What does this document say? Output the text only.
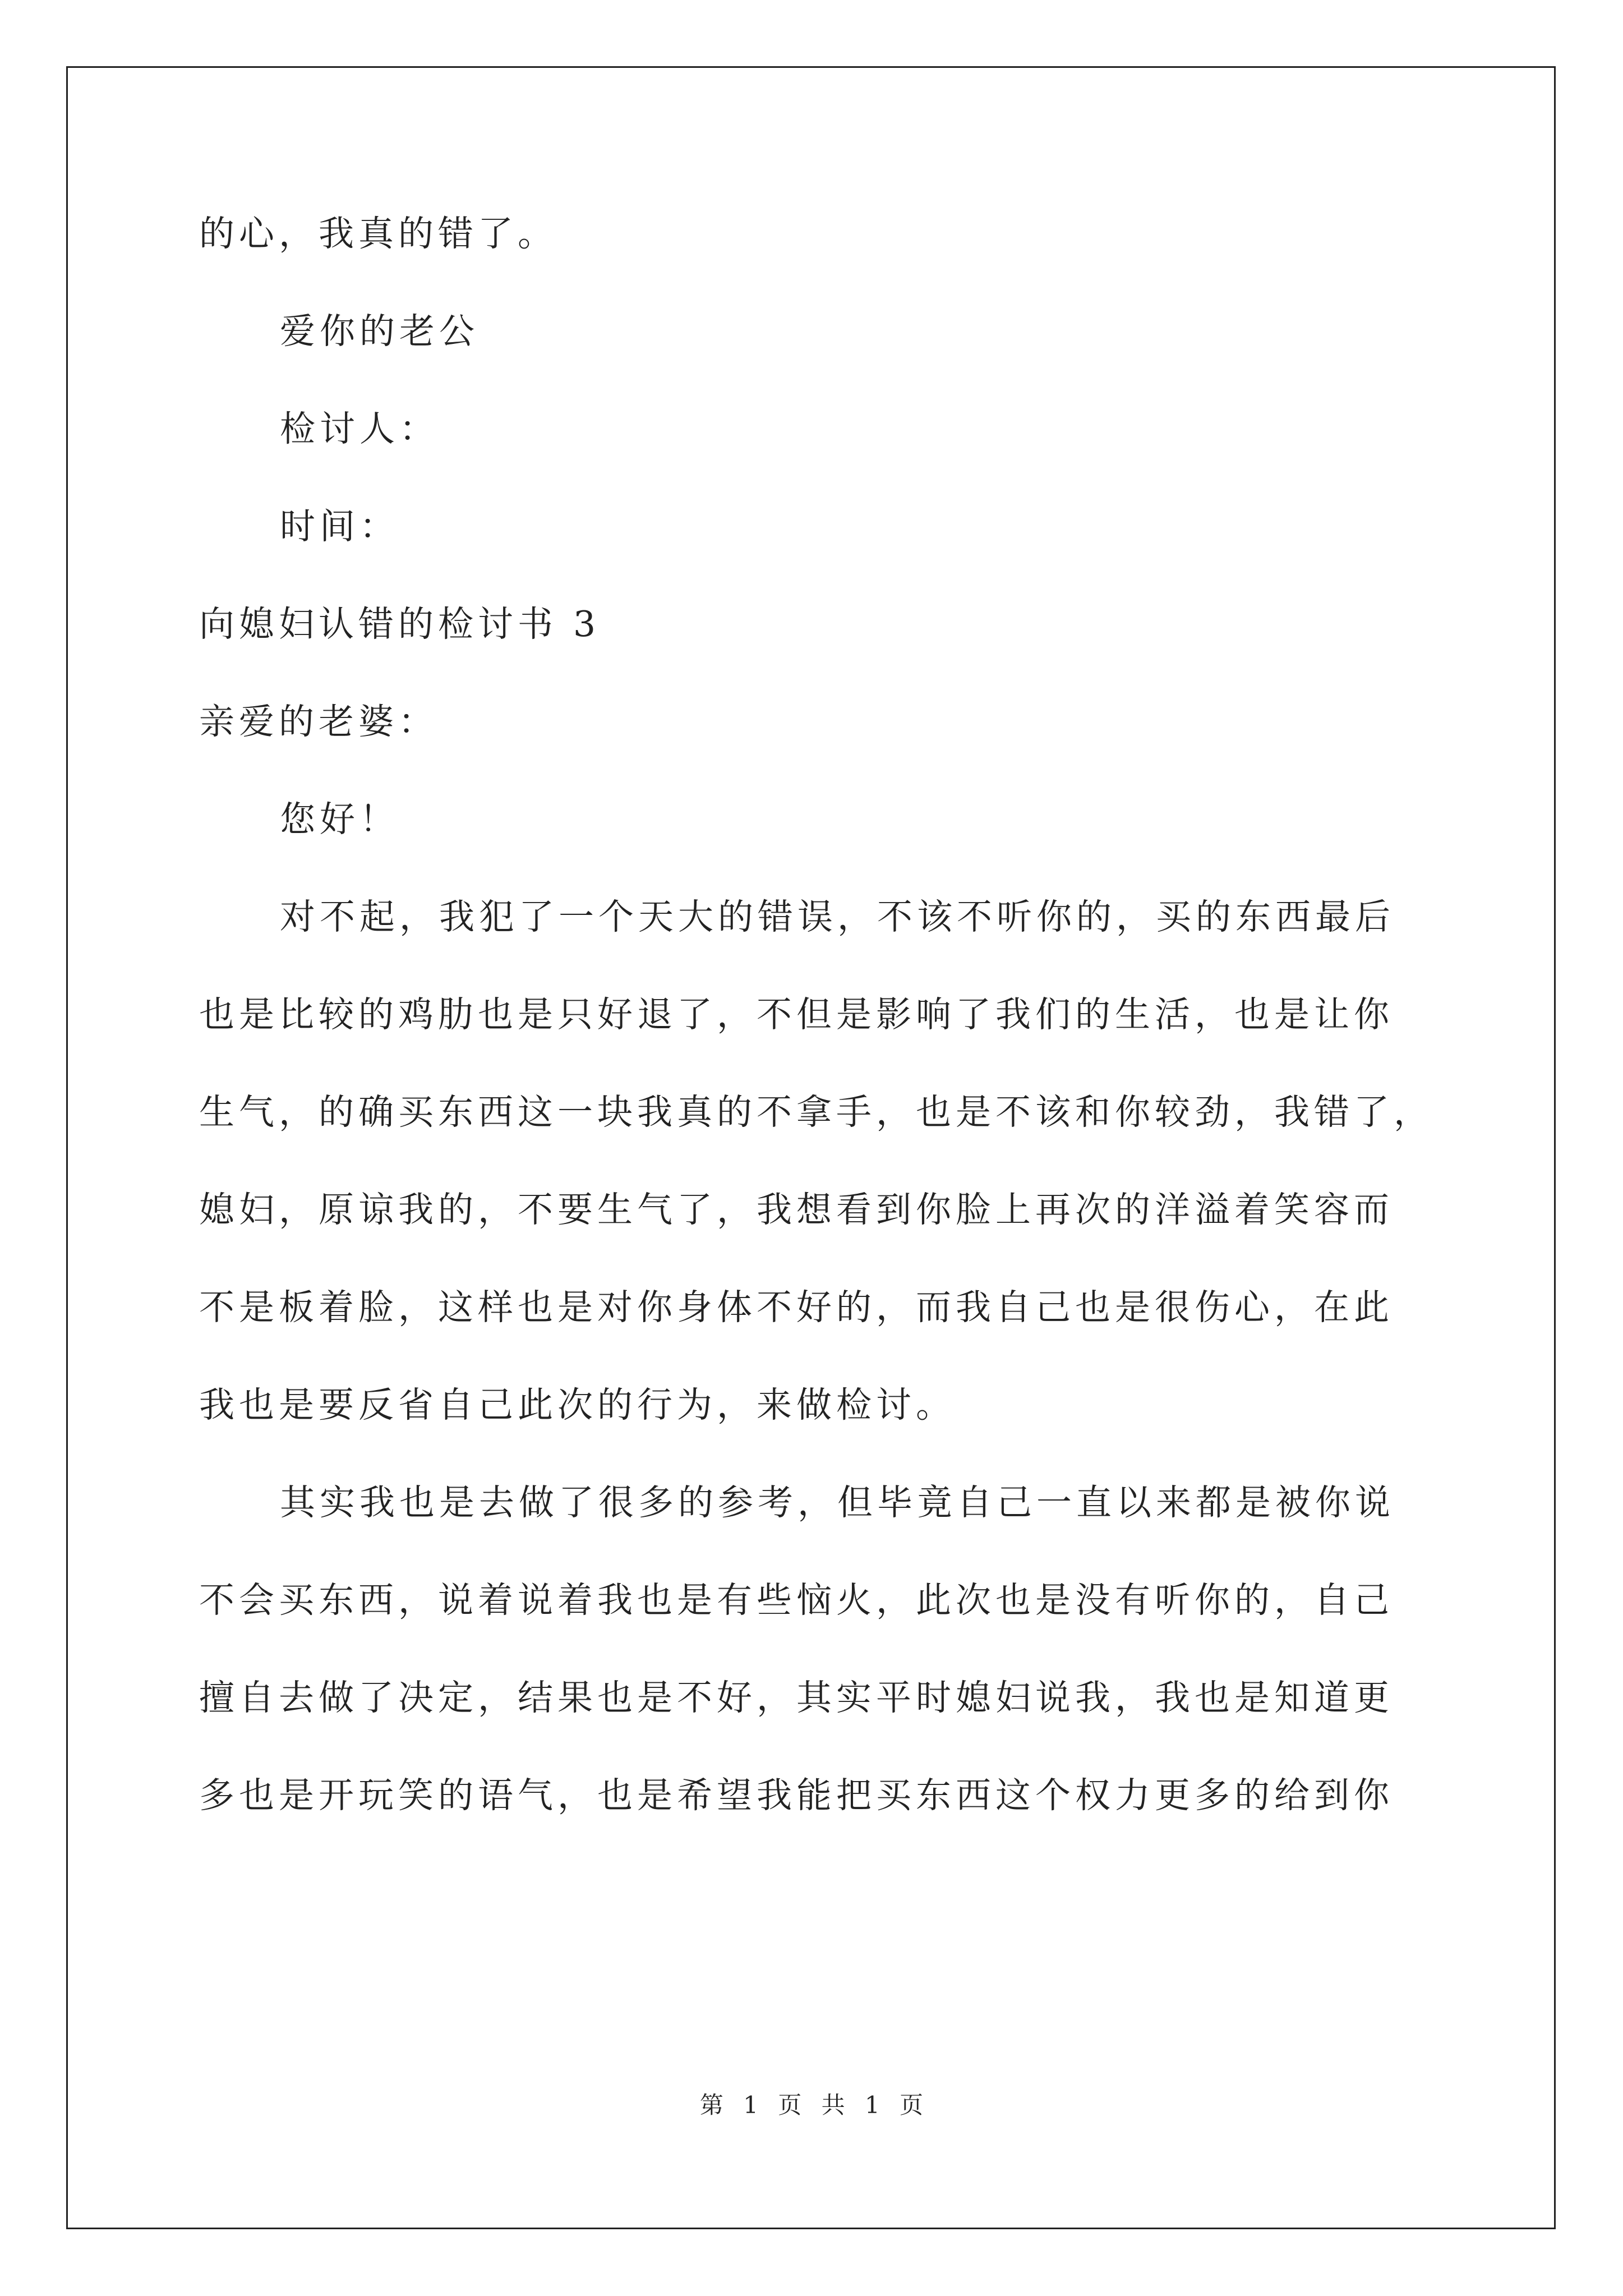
的心，我真的错了。
爱你的老公
检讨人：
时间：
向媳妇认错的检讨书 3
亲爱的老婆：
您好！
对不起，我犯了一个天大的错误，不该不听你的，买的东西最后
也是比较的鸡肋也是只好退了，不但是影响了我们的生活，也是让你
生气，的确买东西这一块我真的不拿手，也是不该和你较劲，我错了，
媳妇，原谅我的，不要生气了，我想看到你脸上再次的洋溢着笑容而
不是板着脸，这样也是对你身体不好的，而我自己也是很伤心，在此
我也是要反省自己此次的行为，来做检讨。
其实我也是去做了很多的参考，但毕竟自己一直以来都是被你说
不会买东西，说着说着我也是有些恼火，此次也是没有听你的，自己
擅自去做了决定，结果也是不好，其实平时媳妇说我，我也是知道更
多也是开玩笑的语气，也是希望我能把买东西这个权力更多的给到你
第 1 页 共 1 页
